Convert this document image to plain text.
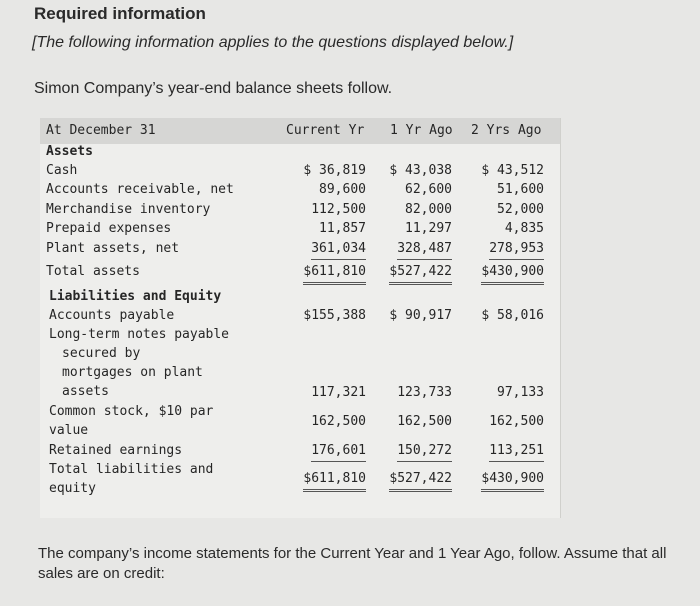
Required information
[The following information applies to the questions displayed below.]
Simon Company’s year-end balance sheets follow.
At December 31	Current Yr 1 Yr Ago 2 Yrs Ago
Assets
Cash	$ 36,819 $ 43,038 $ 43,512
Accounts receivable, net	89,600	62,600	51,600
Merchandise inventory	112,500	82,000	52,000
Prepaid expenses	11,857	11,297	4,835
Plant assets, net	361,034 328,487	278,953
Total assets	$611,810 $527,422 $430,900
Liabilities and Equity
Accounts payable	$155,388 $ 90,917 $ 58,016
Long-term notes payable
secured by
mortgages on plant
assets	117,321 123,733	97,133
Common stock, $10 par
value
162,500 162,500	162,500
Retained earnings	176,601 150,272	113,251
Total liabilities and
equity
$611,810 $527,422 $430,900
The company’s income statements for the Current Year and 1 Year Ago, follow. Assume that all sales are on credit:
